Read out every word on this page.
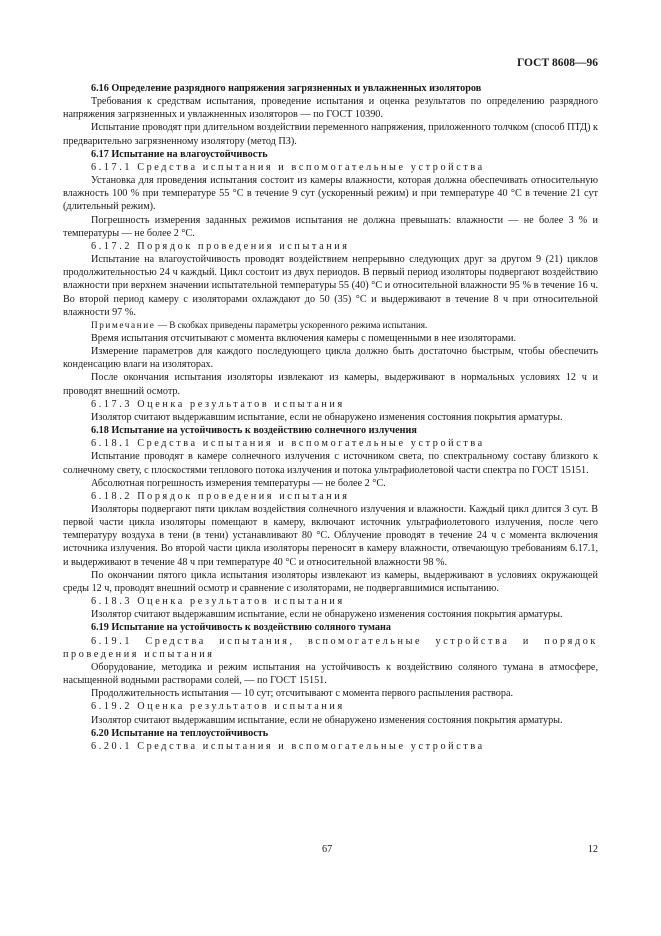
ГОСТ 8608—96

6.16 Определение разрядного напряжения загрязненных и увлажненных изоляторов

Требования к средствам испытания, проведение испытания и оценка результатов по определению разрядного напряжения загрязненных и увлажненных изоляторов — по ГОСТ 10390.

Испытание проводят при длительном воздействии переменного напряжения, приложенного толчком (способ ПТД) к предварительно загрязненному изолятору (метод ПЗ).

6.17 Испытание на влагоустойчивость

6.17.1 Средства испытания и вспомогательные устройства

Установка для проведения испытания состоит из камеры влажности, которая должна обеспечивать относительную влажность 100 % при температуре 55 °С в течение 9 сут (ускоренный режим) и при температуре 40 °С в течение 21 сут (длительный режим).

Погрешность измерения заданных режимов испытания не должна превышать: влажности — не более 3 % и температуры — не более 2 °С.

6.17.2 Порядок проведения испытания

Испытание на влагоустойчивость проводят воздействием непрерывно следующих друг за другом 9 (21) циклов продолжительностью 24 ч каждый. Цикл состоит из двух периодов. В первый период изоляторы подвергают воздействию влажности при верхнем значении испытательной температуры 55 (40) °С и относительной влажности 95 % в течение 16 ч. Во второй период камеру с изоляторами охлаждают до 50 (35) °С и выдерживают в течение 8 ч при относительной влажности 97 %.

Примечание — В скобках приведены параметры ускоренного режима испытания.

Время испытания отсчитывают с момента включения камеры с помещенными в нее изоляторами.

Измерение параметров для каждого последующего цикла должно быть достаточно быстрым, чтобы обеспечить конденсацию влаги на изоляторах.

После окончания испытания изоляторы извлекают из камеры, выдерживают в нормальных условиях 12 ч и проводят внешний осмотр.

6.17.3 Оценка результатов испытания

Изолятор считают выдержавшим испытание, если не обнаружено изменения состояния покрытия арматуры.

6.18 Испытание на устойчивость к воздействию солнечного излучения

6.18.1 Средства испытания и вспомогательные устройства

Испытание проводят в камере солнечного излучения с источником света, по спектральному составу близкого к солнечному свету, с плоскостями теплового потока излучения и потока ультрафиолетовой части спектра по ГОСТ 15151.

Абсолютная погрешность измерения температуры — не более 2 °С.

6.18.2 Порядок проведения испытания

Изоляторы подвергают пяти циклам воздействия солнечного излучения и влажности. Каждый цикл длится 3 сут. В первой части цикла изоляторы помещают в камеру, включают источник ультрафиолетового излучения, после чего температуру воздуха в тени (в тени) устанавливают 80 °С. Облучение проводят в течение 24 ч с момента включения источника излучения. Во второй части цикла изоляторы переносят в камеру влажности, отвечающую требованиям 6.17.1, и выдерживают в течение 48 ч при температуре 40 °С и относительной влажности 98 %.

По окончании пятого цикла испытания изоляторы извлекают из камеры, выдерживают в условиях окружающей среды 12 ч, проводят внешний осмотр и сравнение с изоляторами, не подвергавшимися испытанию.

6.18.3 Оценка результатов испытания

Изолятор считают выдержавшим испытание, если не обнаружено изменения состояния покрытия арматуры.

6.19 Испытание на устойчивость к воздействию соляного тумана

6.19.1 Средства испытания, вспомогательные устройства и порядок проведения испытания

Оборудование, методика и режим испытания на устойчивость к воздействию соляного тумана в атмосфере, насыщенной водными растворами солей, — по ГОСТ 15151.

Продолжительность испытания — 10 сут; отсчитывают с момента первого распыления раствора.

6.19.2 Оценка результатов испытания

Изолятор считают выдержавшим испытание, если не обнаружено изменения состояния покрытия арматуры.

6.20 Испытание на теплоустойчивость

6.20.1 Средства испытания и вспомогательные устройства

67	12
